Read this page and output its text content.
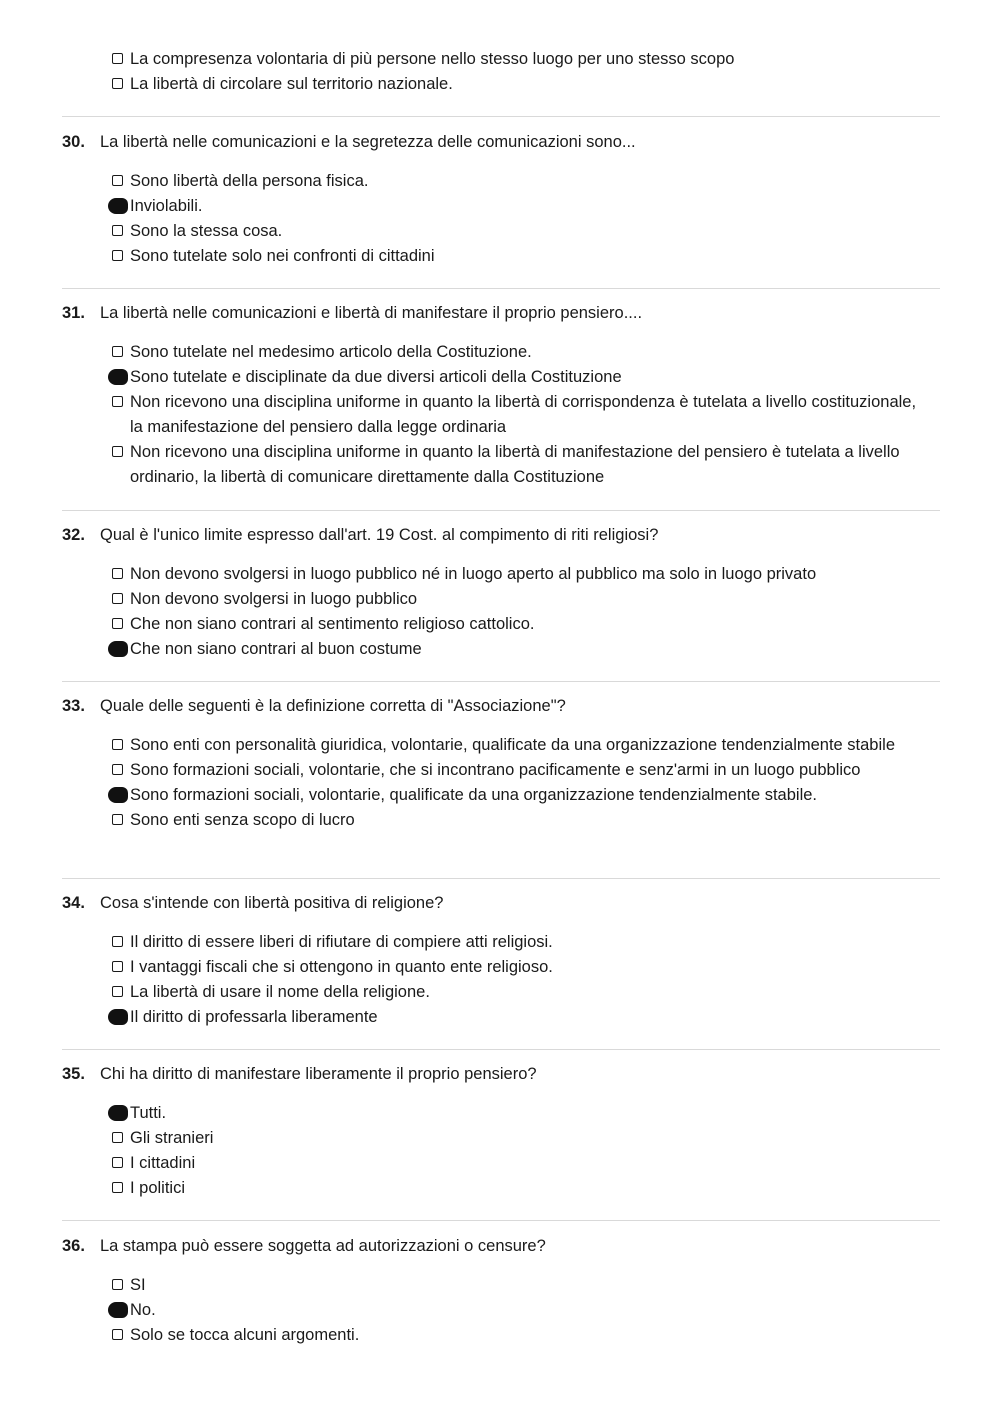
La compresenza volontaria di più persone nello stesso luogo per uno stesso scopo
La libertà di circolare sul territorio nazionale.
30. La libertà nelle comunicazioni e la segretezza delle comunicazioni sono...
Sono libertà della persona fisica.
Inviolabili.
Sono la stessa cosa.
Sono tutelate solo nei confronti di cittadini
31. La libertà nelle comunicazioni e libertà di manifestare il proprio pensiero....
Sono tutelate nel medesimo articolo della Costituzione.
Sono tutelate e disciplinate da due diversi articoli della Costituzione
Non ricevono una disciplina uniforme in quanto la libertà di corrispondenza è tutelata a livello costituzionale, la manifestazione del pensiero dalla legge ordinaria
Non ricevono una disciplina uniforme in quanto la libertà di manifestazione del pensiero è tutelata a livello ordinario, la libertà di comunicare direttamente dalla Costituzione
32. Qual è l'unico limite espresso dall'art. 19 Cost. al compimento di riti religiosi?
Non devono svolgersi in luogo pubblico né in luogo aperto al pubblico ma solo in luogo privato
Non devono svolgersi in luogo pubblico
Che non siano contrari al sentimento religioso cattolico.
Che non siano contrari al buon costume
33. Quale delle seguenti è la definizione corretta di "Associazione"?
Sono enti con personalità giuridica, volontarie, qualificate da una organizzazione tendenzialmente stabile
Sono formazioni sociali, volontarie, che si incontrano pacificamente e senz'armi in un luogo pubblico
Sono formazioni sociali, volontarie, qualificate da una organizzazione tendenzialmente stabile.
Sono enti senza scopo di lucro
34. Cosa s'intende con libertà positiva di religione?
Il diritto di essere liberi di rifiutare di compiere atti religiosi.
I vantaggi fiscali che si ottengono in quanto ente religioso.
La libertà di usare il nome della religione.
Il diritto di professarla liberamente
35. Chi ha diritto di manifestare liberamente il proprio pensiero?
Tutti.
Gli stranieri
I cittadini
I politici
36. La stampa può essere soggetta ad autorizzazioni o censure?
SI
No.
Solo se tocca alcuni argomenti.
